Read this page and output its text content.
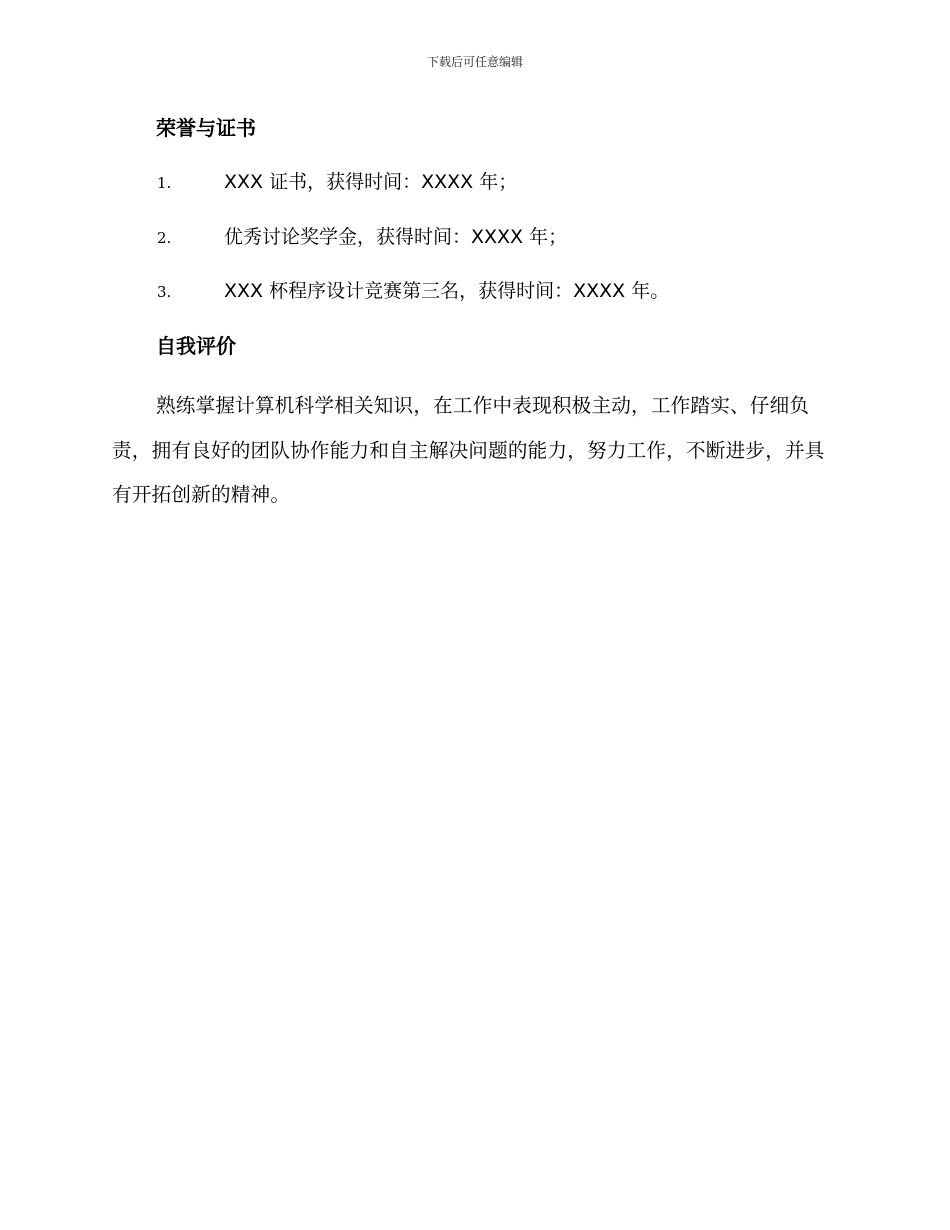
下载后可任意编辑
荣誉与证书
1.	XXX 证书，获得时间：XXXX 年；
2.	优秀讨论奖学金，获得时间：XXXX 年；
3.	XXX 杯程序设计竞赛第三名，获得时间：XXXX 年。
自我评价

熟练掌握计算机科学相关知识，在工作中表现积极主动，工作踏实、仔细负责，拥有良好的团队协作能力和自主解决问题的能力，努力工作，不断进步，并具有开拓创新的精神。
